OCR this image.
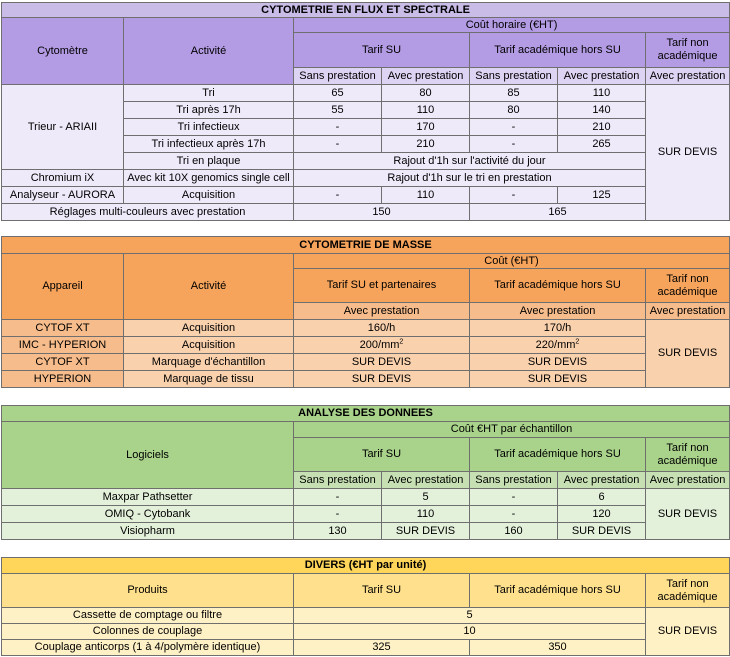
CYTOMETRIE EN FLUX ET SPECTRALE						
Cytomètre	Activité	Coût horaire (€HT)				
		Tarif SU		Tarif académique hors SU		Tarif non académique
		Sans prestation	Avec prestation	Sans prestation	Avec prestation	Avec prestation
Trieur - ARIAII	Tri	65	80	85	110	SUR DEVIS
	Tri après 17h	55	110	80	140	
	Tri infectieux	-	170	-	210	
	Tri infectieux après 17h	-	210	-	265	
	Tri en plaque	Rajout d'1h sur l'activité du jour				
Chromium iX	Avec kit 10X genomics single cell	Rajout d'1h sur le tri en prestation				
Analyseur - AURORA	Acquisition	-	110	-	125	
Réglages multi-couleurs avec prestation		150		165		
CYTOMETRIE DE MASSE				
Appareil	Activité	Coût (€HT)		
		Tarif SU et partenaires	Tarif académique hors SU	Tarif non académique
		Avec prestation	Avec prestation	Avec prestation
CYTOF XT	Acquisition	160/h	170/h	SUR DEVIS
IMC - HYPERION	Acquisition	$200/mm^2$	$220/mm^2$
CYTOF XT	Marquage d'échantillon	SUR DEVIS	SUR DEVIS	
HYPERION	Marquage de tissu	SUR DEVIS	SUR DEVIS	
ANALYSE DES DONNEES					
Logiciels	Coût €HT par échantillon				
	Tarif SU		Tarif académique hors SU		Tarif non académique
	Sans prestation	Avec prestation	Sans prestation	Avec prestation	Avec prestation
Maxpar Pathsetter	-	5	-	6	SUR DEVIS
OMIQ - Cytobank	-	110	-	120	
Visiopharm	130	SUR DEVIS	160	SUR DEVIS	
DIVERS (€HT par unité)			
Produits	Tarif SU	Tarif académique hors SU	Tarif non académique
Cassette de comptage ou filtre	5		SUR DEVIS
Colonnes de couplage	10		
Couplage anticorps (1 à 4/polymère identique)	325	350	
